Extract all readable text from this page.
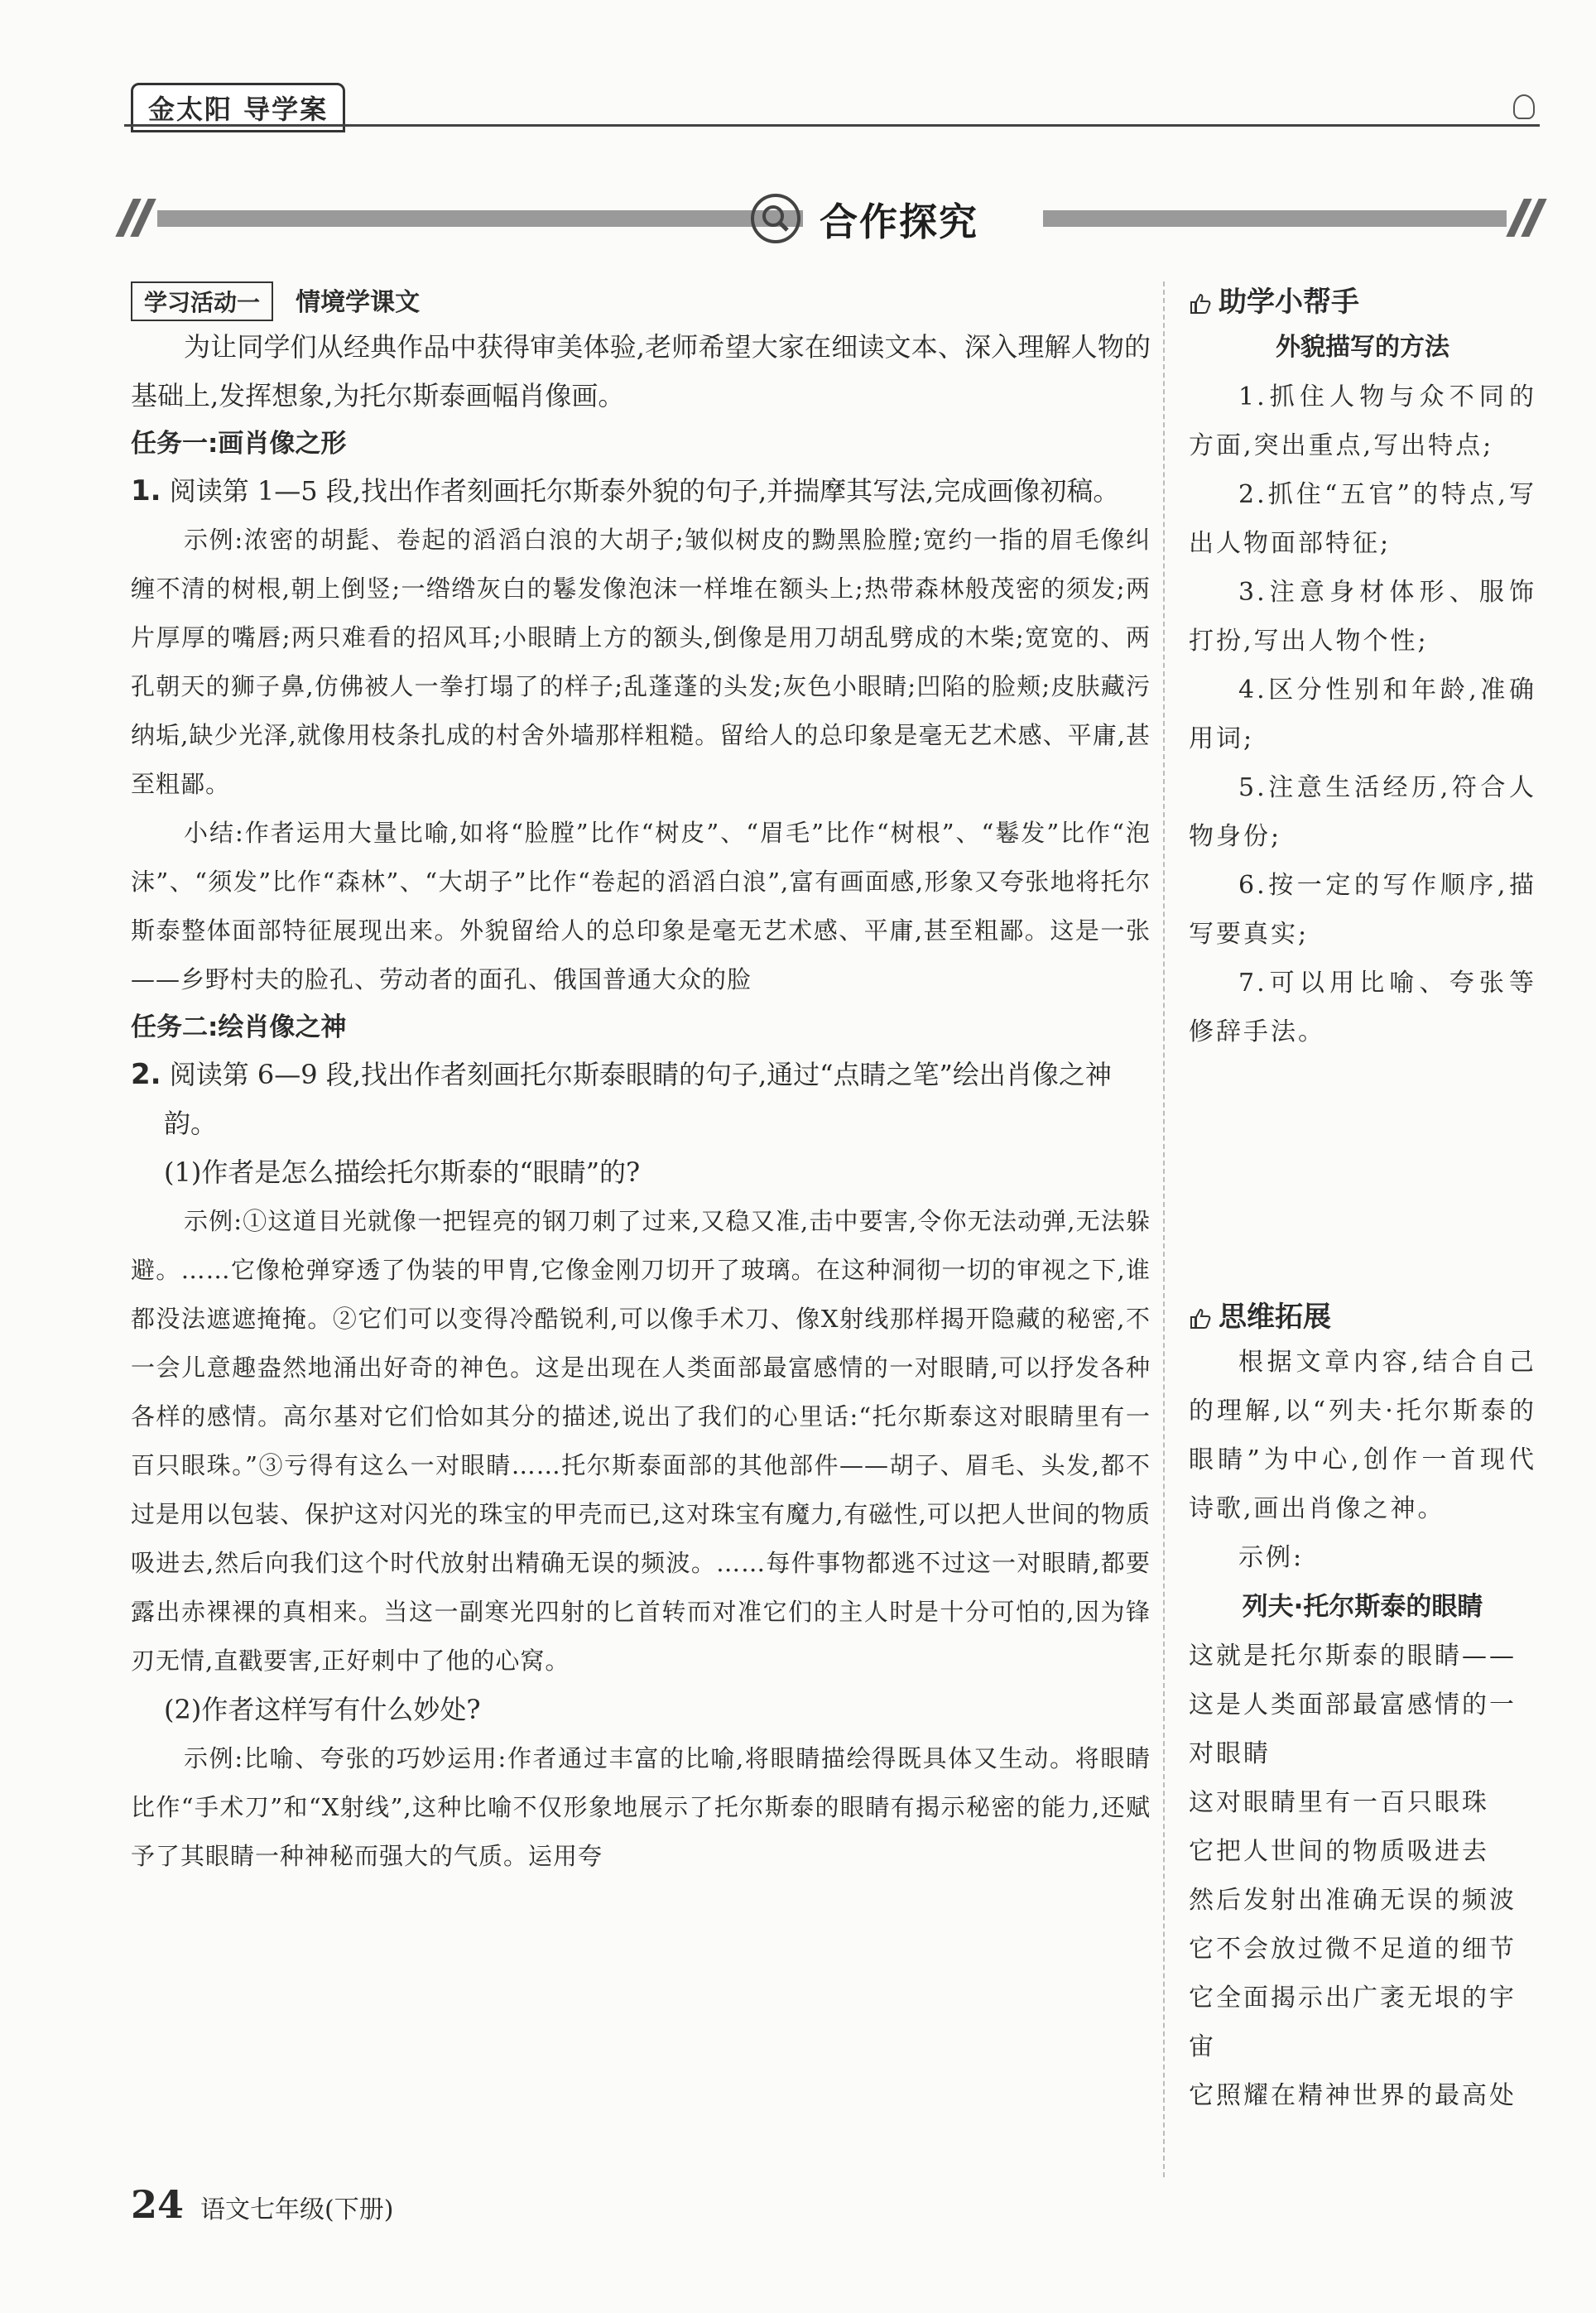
金太阳 导学案
合作探究
学习活动一 情境学课文

为让同学们从经典作品中获得审美体验,老师希望大家在细读文本、深入理解人物的基础上,发挥想象,为托尔斯泰画幅肖像画。

任务一:画肖像之形

1. 阅读第 1—5 段,找出作者刻画托尔斯泰外貌的句子,并揣摩其写法,完成画像初稿。

示例:浓密的胡髭、卷起的滔滔白浪的大胡子;皱似树皮的黝黑脸膛;宽约一指的眉毛像纠缠不清的树根,朝上倒竖;一绺绺灰白的鬈发像泡沫一样堆在额头上;热带森林般茂密的须发;两片厚厚的嘴唇;两只难看的招风耳;小眼睛上方的额头,倒像是用刀胡乱劈成的木柴;宽宽的、两孔朝天的狮子鼻,仿佛被人一拳打塌了的样子;乱蓬蓬的头发;灰色小眼睛;凹陷的脸颊;皮肤藏污纳垢,缺少光泽,就像用枝条扎成的村舍外墙那样粗糙。留给人的总印象是毫无艺术感、平庸,甚至粗鄙。

小结:作者运用大量比喻,如将“脸膛”比作“树皮”、“眉毛”比作“树根”、“鬈发”比作“泡沫”、“须发”比作“森林”、“大胡子”比作“卷起的滔滔白浪”,富有画面感,形象又夸张地将托尔斯泰整体面部特征展现出来。外貌留给人的总印象是毫无艺术感、平庸,甚至粗鄙。这是一张——乡野村夫的脸孔、劳动者的面孔、俄国普通大众的脸

任务二:绘肖像之神

2. 阅读第 6—9 段,找出作者刻画托尔斯泰眼睛的句子,通过“点睛之笔”绘出肖像之神韵。

(1)作者是怎么描绘托尔斯泰的“眼睛”的?

示例:①这道目光就像一把锃亮的钢刀刺了过来,又稳又准,击中要害,令你无法动弹,无法躲避。……它像枪弹穿透了伪装的甲胄,它像金刚刀切开了玻璃。在这种洞彻一切的审视之下,谁都没法遮遮掩掩。②它们可以变得冷酷锐利,可以像手术刀、像X射线那样揭开隐藏的秘密,不一会儿意趣盎然地涌出好奇的神色。这是出现在人类面部最富感情的一对眼睛,可以抒发各种各样的感情。高尔基对它们恰如其分的描述,说出了我们的心里话:“托尔斯泰这对眼睛里有一百只眼珠。”③亏得有这么一对眼睛……托尔斯泰面部的其他部件——胡子、眉毛、头发,都不过是用以包装、保护这对闪光的珠宝的甲壳而已,这对珠宝有魔力,有磁性,可以把人世间的物质吸进去,然后向我们这个时代放射出精确无误的频波。……每件事物都逃不过这一对眼睛,都要露出赤裸裸的真相来。当这一副寒光四射的匕首转而对准它们的主人时是十分可怕的,因为锋刃无情,直戳要害,正好刺中了他的心窝。

(2)作者这样写有什么妙处?

示例:比喻、夸张的巧妙运用:作者通过丰富的比喻,将眼睛描绘得既具体又生动。将眼睛比作“手术刀”和“X射线”,这种比喻不仅形象地展示了托尔斯泰的眼睛有揭示秘密的能力,还赋予了其眼睛一种神秘而强大的气质。运用夸

助学小帮手
外貌描写的方法

1.抓住人物与众不同的方面,突出重点,写出特点;

2.抓住“五官”的特点,写出人物面部特征;

3.注意身材体形、服饰打扮,写出人物个性;

4.区分性别和年龄,准确用词;

5.注意生活经历,符合人物身份;

6.按一定的写作顺序,描写要真实;

7.可以用比喻、夸张等修辞手法。

思维拓展

根据文章内容,结合自己的理解,以“列夫·托尔斯泰的眼睛”为中心,创作一首现代诗歌,画出肖像之神。

示例:

列夫·托尔斯泰的眼睛

这就是托尔斯泰的眼睛——

这是人类面部最富感情的一对眼睛

这对眼睛里有一百只眼珠

它把人世间的物质吸进去

然后发射出准确无误的频波

它不会放过微不足道的细节

它全面揭示出广袤无垠的宇宙

它照耀在精神世界的最高处

24 语文七年级(下册)
